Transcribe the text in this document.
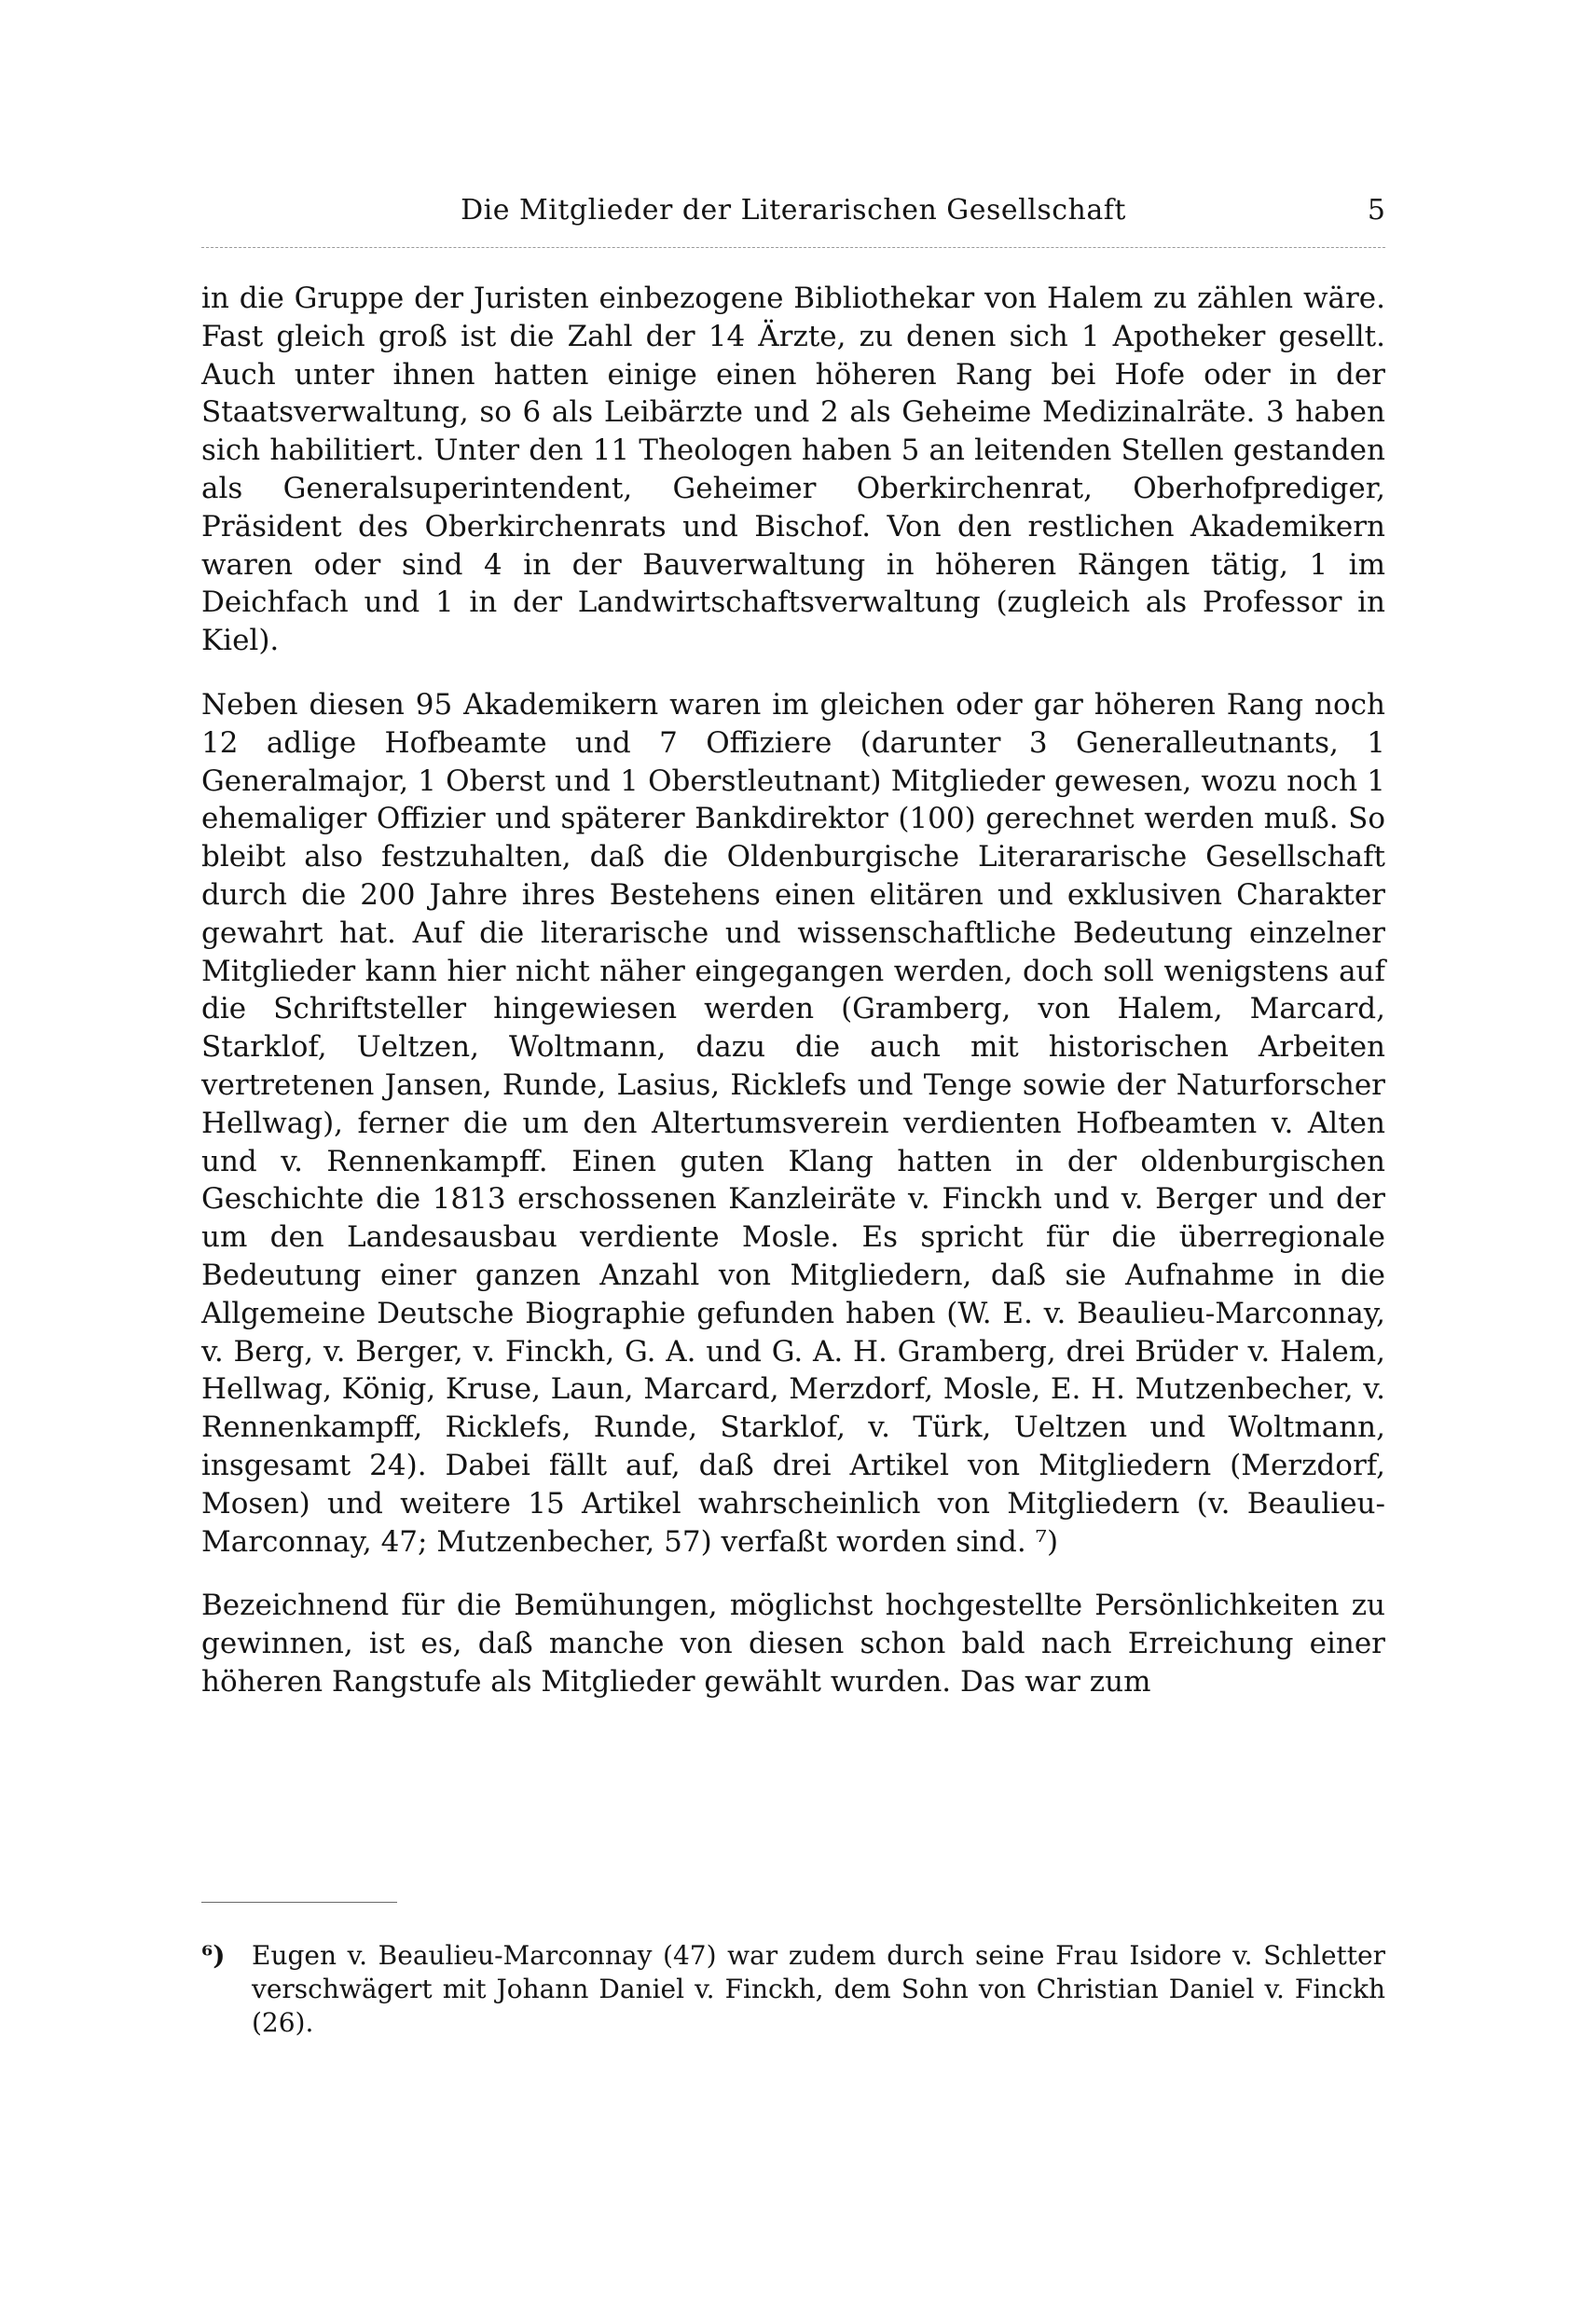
Die Mitglieder der Literarischen Gesellschaft	5

in die Gruppe der Juristen einbezogene Bibliothekar von Halem zu zählen wäre. Fast gleich groß ist die Zahl der 14 Ärzte, zu denen sich 1 Apotheker gesellt. Auch unter ihnen hatten einige einen höheren Rang bei Hofe oder in der Staatsverwaltung, so 6 als Leibärzte und 2 als Geheime Medizinalräte. 3 haben sich habilitiert. Unter den 11 Theologen haben 5 an leitenden Stellen gestanden als Generalsuperintendent, Geheimer Oberkirchenrat, Oberhofprediger, Präsident des Oberkirchenrats und Bischof. Von den restlichen Akademikern waren oder sind 4 in der Bauverwaltung in höheren Rängen tätig, 1 im Deichfach und 1 in der Landwirtschaftsverwaltung (zugleich als Professor in Kiel).

Neben diesen 95 Akademikern waren im gleichen oder gar höheren Rang noch 12 adlige Hofbeamte und 7 Offiziere (darunter 3 Generalleutnants, 1 Generalmajor, 1 Oberst und 1 Oberstleutnant) Mitglieder gewesen, wozu noch 1 ehemaliger Offizier und späterer Bankdirektor (100) gerechnet werden muß. So bleibt also festzuhalten, daß die Oldenburgische Literararische Gesellschaft durch die 200 Jahre ihres Bestehens einen elitären und exklusiven Charakter gewahrt hat. Auf die literarische und wissenschaftliche Bedeutung einzelner Mitglieder kann hier nicht näher eingegangen werden, doch soll wenigstens auf die Schriftsteller hingewiesen werden (Gramberg, von Halem, Marcard, Starklof, Ueltzen, Woltmann, dazu die auch mit historischen Arbeiten vertretenen Jansen, Runde, Lasius, Ricklefs und Tenge sowie der Naturforscher Hellwag), ferner die um den Altertumsverein verdienten Hofbeamten v. Alten und v. Rennenkampff. Einen guten Klang hatten in der oldenburgischen Geschichte die 1813 erschossenen Kanzleiräte v. Finckh und v. Berger und der um den Landesausbau verdiente Mosle. Es spricht für die überregionale Bedeutung einer ganzen Anzahl von Mitgliedern, daß sie Aufnahme in die Allgemeine Deutsche Biographie gefunden haben (W. E. v. Beaulieu-Marconnay, v. Berg, v. Berger, v. Finckh, G. A. und G. A. H. Gramberg, drei Brüder v. Halem, Hellwag, König, Kruse, Laun, Marcard, Merzdorf, Mosle, E. H. Mutzenbecher, v. Rennenkampff, Ricklefs, Runde, Starklof, v. Türk, Ueltzen und Woltmann, insgesamt 24). Dabei fällt auf, daß drei Artikel von Mitgliedern (Merzdorf, Mosen) und weitere 15 Artikel wahrscheinlich von Mitgliedern (v. Beaulieu-Marconnay, 47; Mutzenbecher, 57) verfaßt worden sind. ⁷)

Bezeichnend für die Bemühungen, möglichst hochgestellte Persönlichkeiten zu gewinnen, ist es, daß manche von diesen schon bald nach Erreichung einer höheren Rangstufe als Mitglieder gewählt wurden. Das war zum

⁶) Eugen v. Beaulieu-Marconnay (47) war zudem durch seine Frau Isidore v. Schletter verschwägert mit Johann Daniel v. Finckh, dem Sohn von Christian Daniel v. Finckh (26).
